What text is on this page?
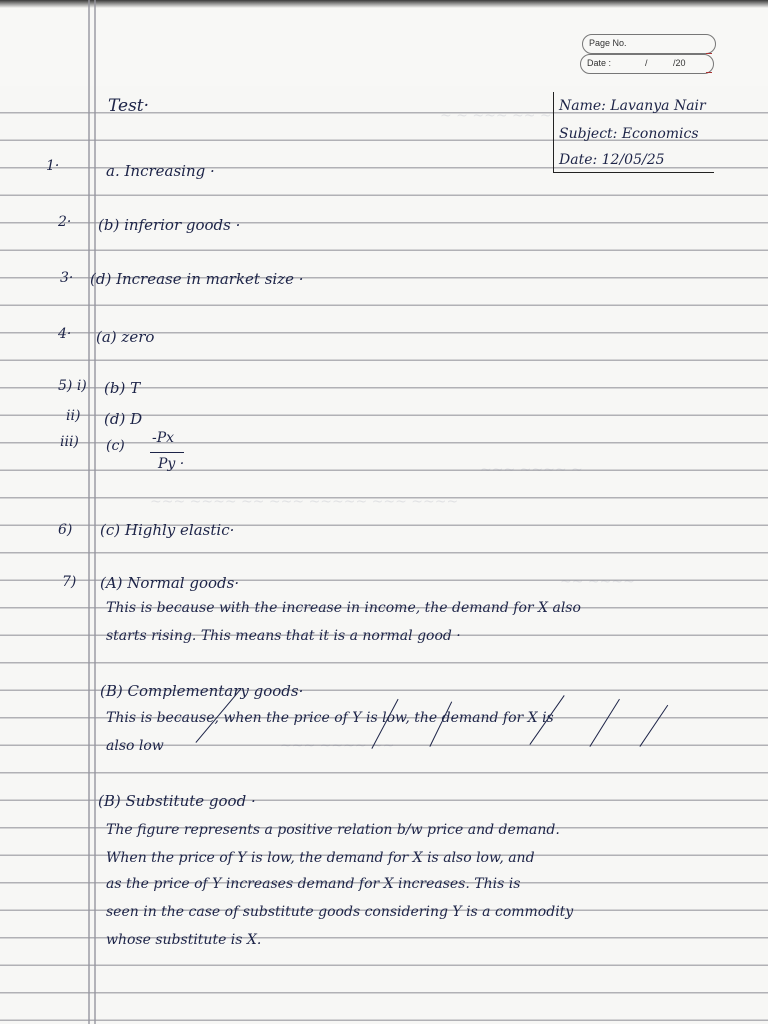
Page No.
Date :	/	/20
~ ~ ~~~ ~~ ~
~~~ ~~~~ ~
~~~ ~~~~ ~~ ~~~ ~~~~~ ~~~ ~~~~
~~ ~~~~
~~~ ~~~~ ~~
Test·	Name: Lavanya Nair
Subject: Economics
Date: 12/05/25
1·	a. Increasing ·
2· (b) inferior goods ·
3· (d) Increase in market size ·
4· (a) zero
5) i) (b) T
ii) (d) D
iii) (c) -Px
Py ·
6) (c) Highly elastic·
7) (A) Normal goods·
This is because with the increase in income, the demand for X also
starts rising. This means that it is a normal good ·
(B) Complementary goods·
This is because, when the price of Y is low, the demand for X is
also low
(B) Substitute good ·
The figure represents a positive relation b/w price and demand.
When the price of Y is low, the demand for X is also low, and
as the price of Y increases demand for X increases. This is
seen in the case of substitute goods considering Y is a commodity
whose substitute is X.
